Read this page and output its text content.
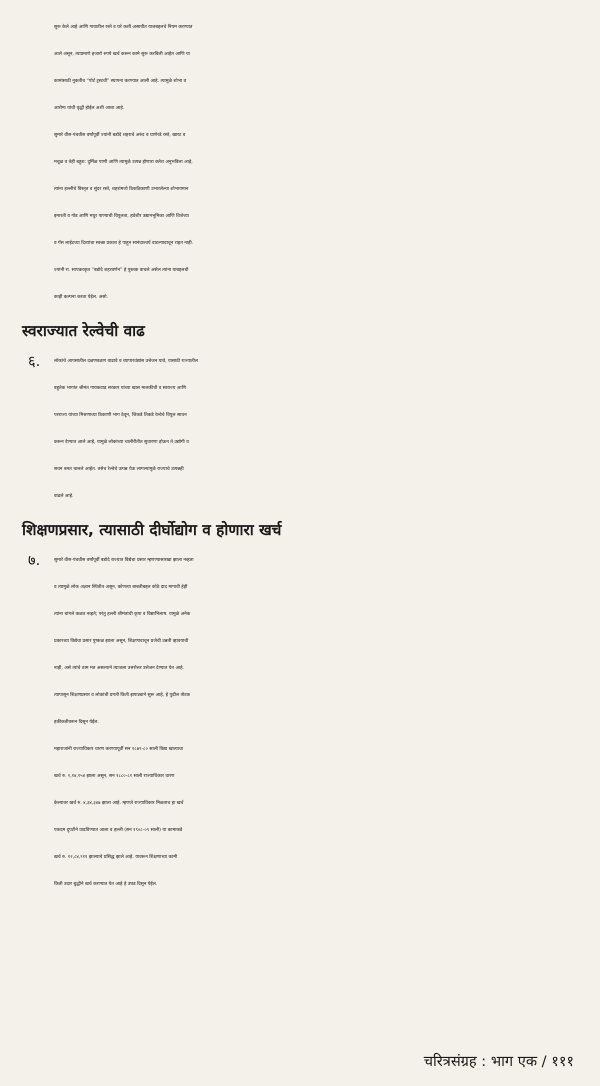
सुरू केले आहे आणि गावातील रस्ते व घरे कशी असावीत याजबद्दलचे नियम करण्यात
आले असून, त्याप्रमाणे हजारो रुपये खर्च करून कामे सुरू करविली आहेत आणि या
कामांसाठी नुकतीच “पोर्ट ट्रस्टची” स्थापना करण्यात आली आहे. त्यामुळे शोभा व
आरोग्य यांची वृद्धी होईल अशी आशा आहे.
सुमारे वीस-पंचवीस वर्षांपूर्वी ज्यांनी बडोदे शहराचे अरुंद व घाणेरडे रस्ते, खारट व
मचूळ व तेही बहुश: दुर्मिळ पाणी आणि त्यामुळे उत्पन्न होणारा क्लेश अनुभविला आहे,
त्यांना हल्लीचे विस्तृत व सुंदर रस्ते, शहरांमध्ये ठिकठिकाणी उभारलेल्या शोभायमान
इमारती व गोड आणि मधुर पाण्याची विपुलता, हवेशीर उद्यानभूमिका आणि विजेच्या
व गॅस लाईटच्या दिव्यांचा स्वच्छ प्रकाश हे पाहून सानंदाश्चर्य वाटल्यावाचून राहत नाही.
ज्यांनी रा. सापकरकृत “बडोदे शहरवर्णन” हे पुस्तक वाचले असेल त्यांना याबद्दलची
काही कल्पना करता येईल. असो.
स्वराज्यात रेल्वेची वाढ
६.	लोकांचे आपसातील दळणवळण वाढावे व व्यापारधंद्यांस उत्तेजन यावे, यासाठी राज्यातील
बहुतेक भागांत श्रीमंत गायकवाड सरकार यांच्या खास मालकीची व स्वराज्य आणि
परराज्य यांच्या मिश्रणाच्या ठिकाणी भाग ठेवून, जिकडे तिकडे रेल्वेचे विपुल साधन
करून देण्यात आले आहे, यामुळे लोकांच्या चालीरीतीत सुधारणा होऊन ते उद्योगी व
सधन बनत चालले आहेत. तसेच रेल्वेचे उत्पन्न येऊ लागल्यामुळे राज्याचे उत्पन्नही
वाढले आहे.
शिक्षणप्रसार, त्यासाठी दीर्घोद्योग व होणारा खर्च
७.	सुमारे वीस-पंचवीस वर्षांपूर्वी बडोदे राज्यात विद्येचा प्रसार म्हणण्यासारखा झाला नव्हता
व त्यामुळे लोक अज्ञान स्थितीत असून, कोणत्या बाबतीबद्दल कोठे दाद मागावी हेही
त्यांना चांगले कळत नव्हते; परंतु हल्ली श्रीमंतांची कृपा व विद्याभिलाष. यामुळे अनेक
प्रकारच्या विद्येचा प्रसार पुष्कळ झाला असून, शिक्षणावाचून प्रजेची उन्नती व्हावयाची
नाही, असे त्यांचे ठाम मत असल्याने त्याजला उत्तरोत्तर उत्तेजन देण्यात येत आहे.
त्यापासून शिक्षणप्रसार व लोकांची प्रगती किती झपाट्याने सुरू आहे, हे पुढील त्रोटक
हकीकतीवरून दिसून येईल.
महाराजांनी राज्याधिकार धारण करण्यापूर्वी सन १८७९-८० साली विद्या खात्याचा
खर्च रु. २,१४,१५४ झाला असून, सन १८८०-८१ साली राज्याधिकार धारण
केल्यावर खर्च रु. ४,३४,३४७ झाला आहे. म्हणजे राज्याधिकार मिळताच हा खर्च
एकदम दुपटीने वाढविण्यात आला व हल्ली (सन १९०८-०९ साली) या कामाकडे
खर्च रु. १२,८४,९११ झाल्याचे प्रसिद्ध झाले आहे. यावरून शिक्षणाच्या कामी
किती उदार बुद्धीने खर्च करण्यात येत आहे हे उघड दिसून येईल.
चरित्रसंग्रह : भाग एक / १११
